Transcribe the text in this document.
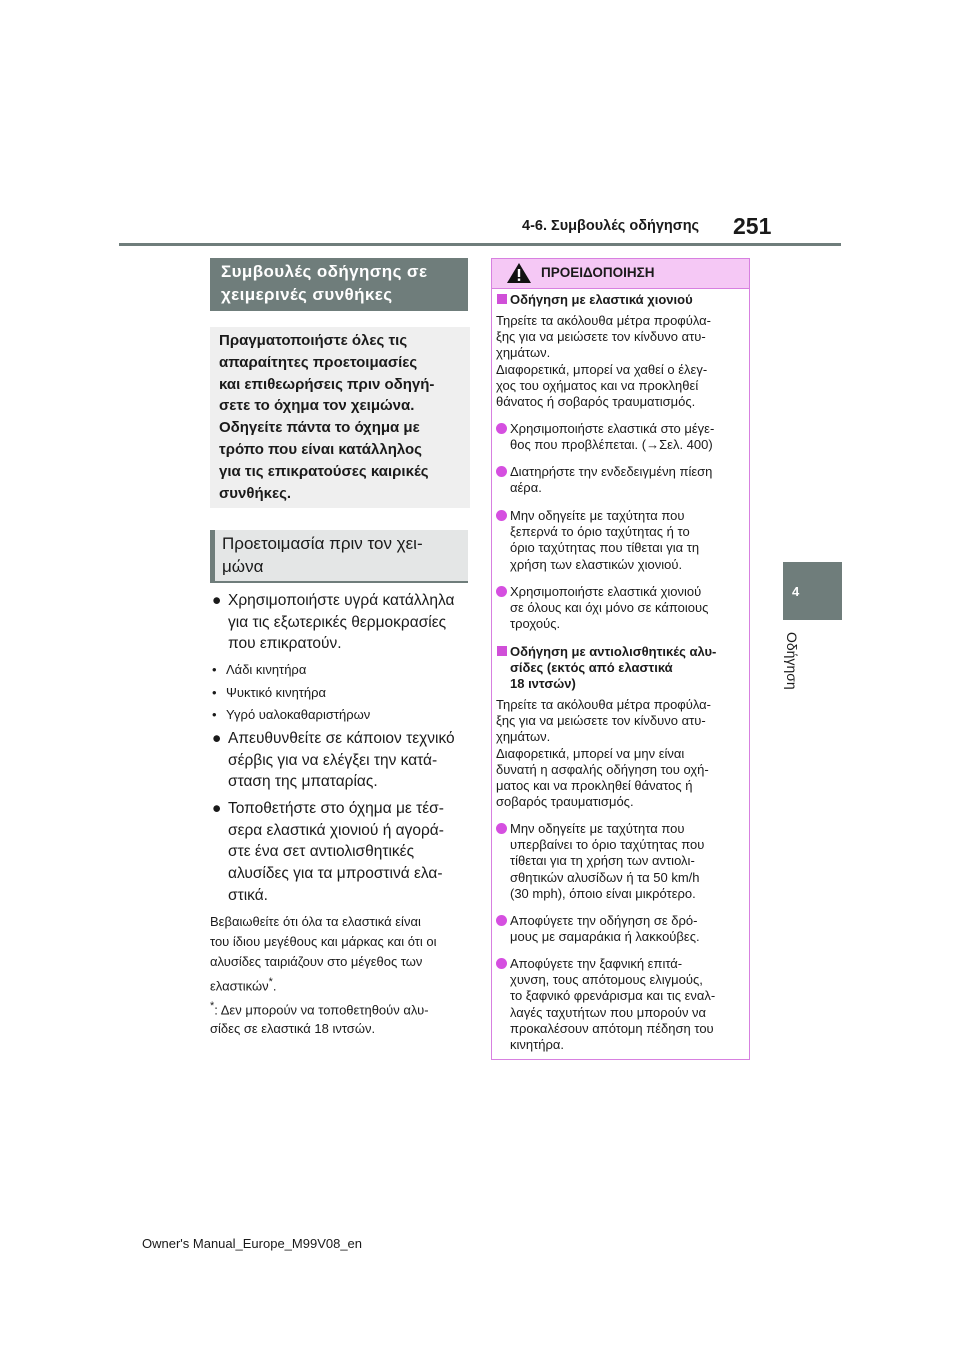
4-6. Συμβουλές οδήγησης 251
Συμβουλές οδήγησης σε
χειμερινές συνθήκες
Πραγματοποιήστε όλες τις
απαραίτητες προετοιμασίες
και επιθεωρήσεις πριν οδηγή-
σετε το όχημα τον χειμώνα.
Οδηγείτε πάντα το όχημα με
τρόπο που είναι κατάλληλος
για τις επικρατούσες καιρικές
συνθήκες.
Προετοιμασία πριν τον χει-
μώνα
● Χρησιμοποιήστε υγρά κατάλληλα
για τις εξωτερικές θερμοκρασίες
που επικρατούν.
• Λάδι κινητήρα
• Ψυκτικό κινητήρα
• Υγρό υαλοκαθαριστήρων
● Απευθυνθείτε σε κάποιον τεχνικό
σέρβις για να ελέγξει την κατά-
σταση της μπαταρίας.
● Τοποθετήστε στο όχημα με τέσ-
σερα ελαστικά χιονιού ή αγορά-
στε ένα σετ αντιολισθητικές
αλυσίδες για τα μπροστινά ελα-
στικά.
Βεβαιωθείτε ότι όλα τα ελαστικά είναι
του ίδιου μεγέθους και μάρκας και ότι οι
αλυσίδες ταιριάζουν στο μέγεθος των
ελαστικών*.
*: Δεν μπορούν να τοποθετηθούν αλυ-
σίδες σε ελαστικά 18 ιντσών.
ΠΡΟΕΙΔΟΠΟΙΗΣΗ
Οδήγηση με ελαστικά χιονιού
Τηρείτε τα ακόλουθα μέτρα προφύλα-
ξης για να μειώσετε τον κίνδυνο ατυ-
χημάτων.
Διαφορετικά, μπορεί να χαθεί ο έλεγ-
χος του οχήματος και να προκληθεί
θάνατος ή σοβαρός τραυματισμός.
Χρησιμοποιήστε ελαστικά στο μέγε-
θος που προβλέπεται. (→Σελ. 400)
Διατηρήστε την ενδεδειγμένη πίεση
αέρα.
Μην οδηγείτε με ταχύτητα που
ξεπερνά το όριο ταχύτητας ή το
όριο ταχύτητας που τίθεται για τη
χρήση των ελαστικών χιονιού.
Χρησιμοποιήστε ελαστικά χιονιού
σε όλους και όχι μόνο σε κάποιους
τροχούς.
Οδήγηση με αντιολισθητικές αλυ-
σίδες (εκτός από ελαστικά
18 ιντσών)
Τηρείτε τα ακόλουθα μέτρα προφύλα-
ξης για να μειώσετε τον κίνδυνο ατυ-
χημάτων.
Διαφορετικά, μπορεί να μην είναι
δυνατή η ασφαλής οδήγηση του οχή-
ματος και να προκληθεί θάνατος ή
σοβαρός τραυματισμός.
Μην οδηγείτε με ταχύτητα που
υπερβαίνει το όριο ταχύτητας που
τίθεται για τη χρήση των αντιολι-
σθητικών αλυσίδων ή τα 50 km/h
(30 mph), όποιο είναι μικρότερο.
Αποφύγετε την οδήγηση σε δρό-
μους με σαμαράκια ή λακκούβες.
Αποφύγετε την ξαφνική επιτά-
χυνση, τους απότομους ελιγμούς,
το ξαφνικό φρενάρισμα και τις εναλ-
λαγές ταχυτήτων που μπορούν να
προκαλέσουν απότομη πέδηση του
κινητήρα.
4
Οδήγηση
Owner's Manual_Europe_M99V08_en
